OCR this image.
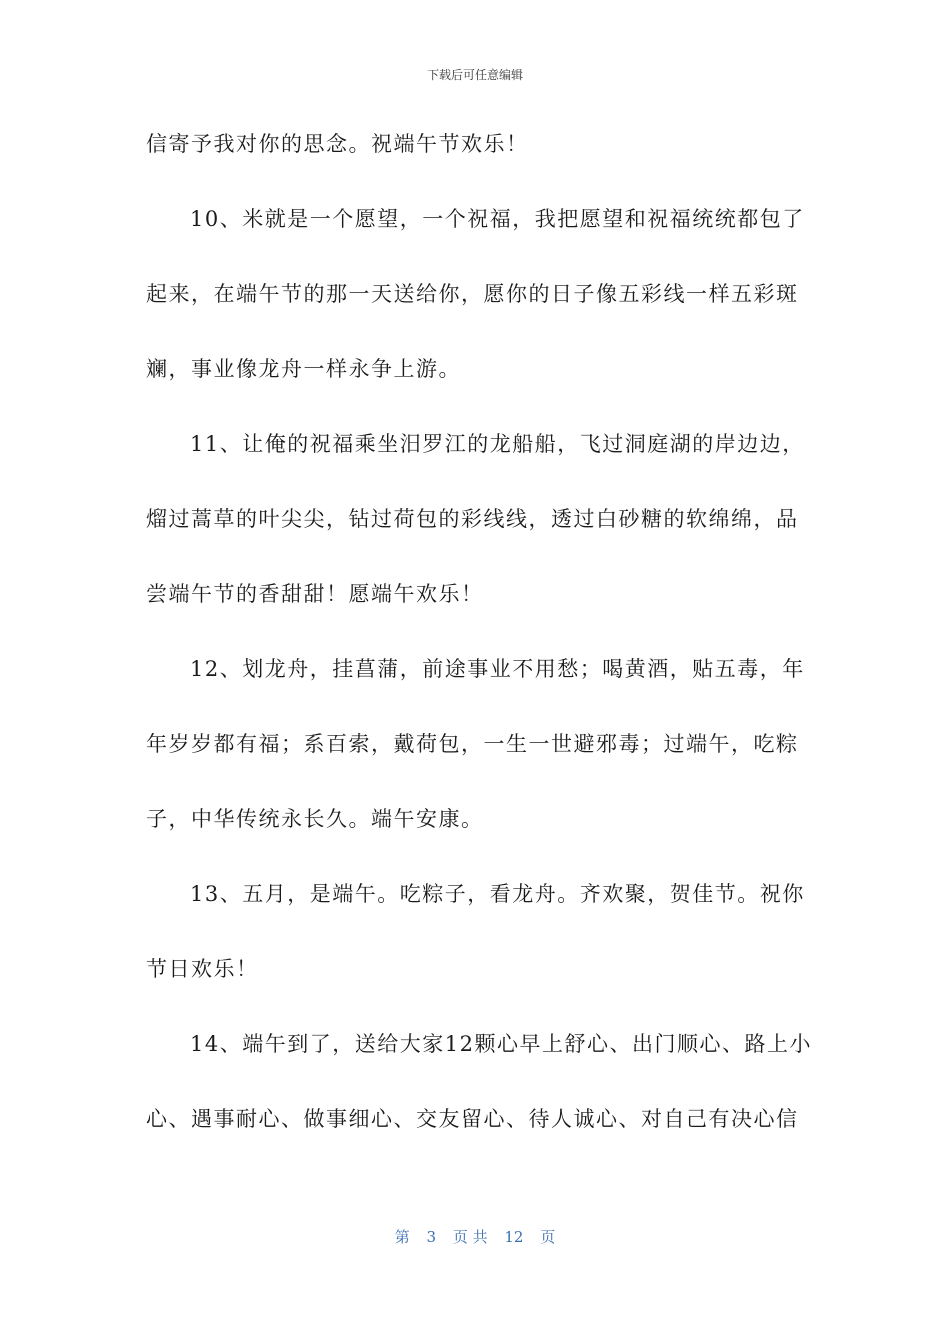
下载后可任意编辑
信寄予我对你的思念。祝端午节欢乐！
10、米就是一个愿望，一个祝福，我把愿望和祝福统统都包了
起来，在端午节的那一天送给你，愿你的日子像五彩线一样五彩斑
斓，事业像龙舟一样永争上游。
11、让俺的祝福乘坐汨罗江的龙船船，飞过洞庭湖的岸边边，
熘过蒿草的叶尖尖，钻过荷包的彩线线，透过白砂糖的软绵绵，品
尝端午节的香甜甜！愿端午欢乐！
12、划龙舟，挂菖蒲，前途事业不用愁；喝黄酒，贴五毒，年
年岁岁都有福；系百索，戴荷包，一生一世避邪毒；过端午，吃粽
子，中华传统永长久。端午安康。
13、五月，是端午。吃粽子，看龙舟。齐欢聚，贺佳节。祝你
节日欢乐！
14、端午到了，送给大家12颗心早上舒心、出门顺心、路上小
心、遇事耐心、做事细心、交友留心、待人诚心、对自己有决心信
第 3 页 共 12 页
